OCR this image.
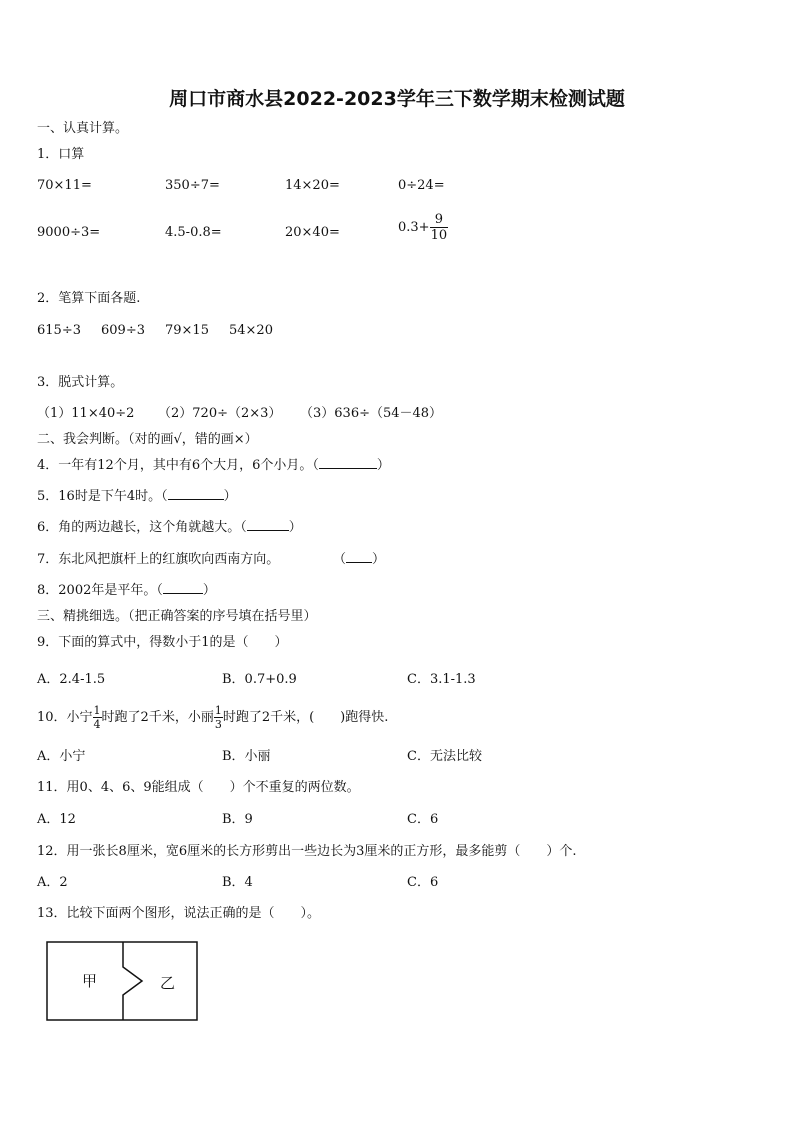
周口市商水县2022-2023学年三下数学期末检测试题
一、认真计算。
1．口算
70×11=	350÷7=	14×20=	0÷24=
9000÷3=	4.5-0.8=	20×40=	$0.3+ \frac{9}{10}$
2．笔算下面各题.
615÷3 609÷3 79×15 54×20
3．脱式计算。
（1）11×40÷2 （2）720÷（2×3） （3）636÷（54－48）
二、我会判断。（对的画√，错的画×）
4．一年有12个月，其中有6个大月，6个小月。（	）
5．16时是下午4时。（	）
6．角的两边越长，这个角就越大。（	）
7．东北风把旗杆上的红旗吹向西南方向。	（ ）
8．2002年是平年。（	）
三、精挑细选。（把正确答案的序号填在括号里）
9．下面的算式中，得数小于1的是（　　）
A．2.4-1.5	B．0.7+0.9	C．3.1-1.3
10．小宁 $\frac{1}{4}$ 时跑了2千米，小丽 $\frac{1}{3}$ 时跑了2千米，(　　)跑得快.
A．小宁	B．小丽	C．无法比较
11．用0、4、6、9能组成（　　）个不重复的两位数。
A．12	B．9	C．6
12．用一张长8厘米，宽6厘米的长方形剪出一些边长为3厘米的正方形，最多能剪（　　）个.
A．2	B．4	C．6
13．比较下面两个图形，说法正确的是（　　）。
甲	乙
